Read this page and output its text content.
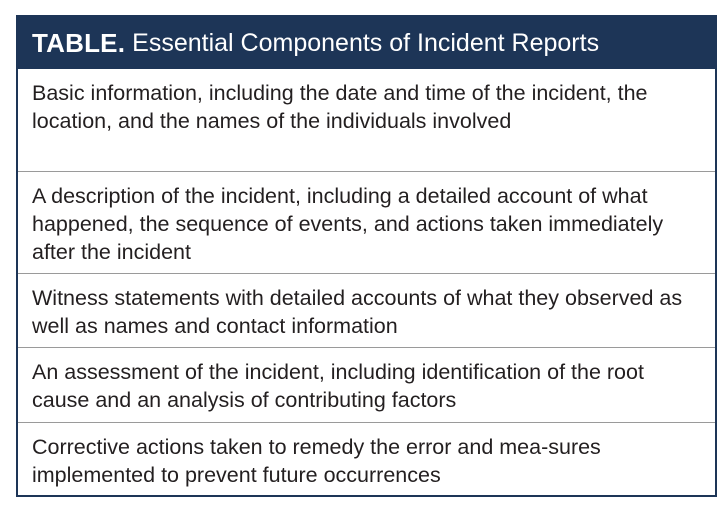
TABLE. Essential Components of Incident Reports
Basic information, including the date and time of the incident, the location, and the names of the individuals involved
A description of the incident, including a detailed account of what happened, the sequence of events, and actions taken immediately after the incident
Witness statements with detailed accounts of what they observed as well as names and contact information
An assessment of the incident, including identification of the root cause and an analysis of contributing factors
Corrective actions taken to remedy the error and mea-sures implemented to prevent future occurrences
